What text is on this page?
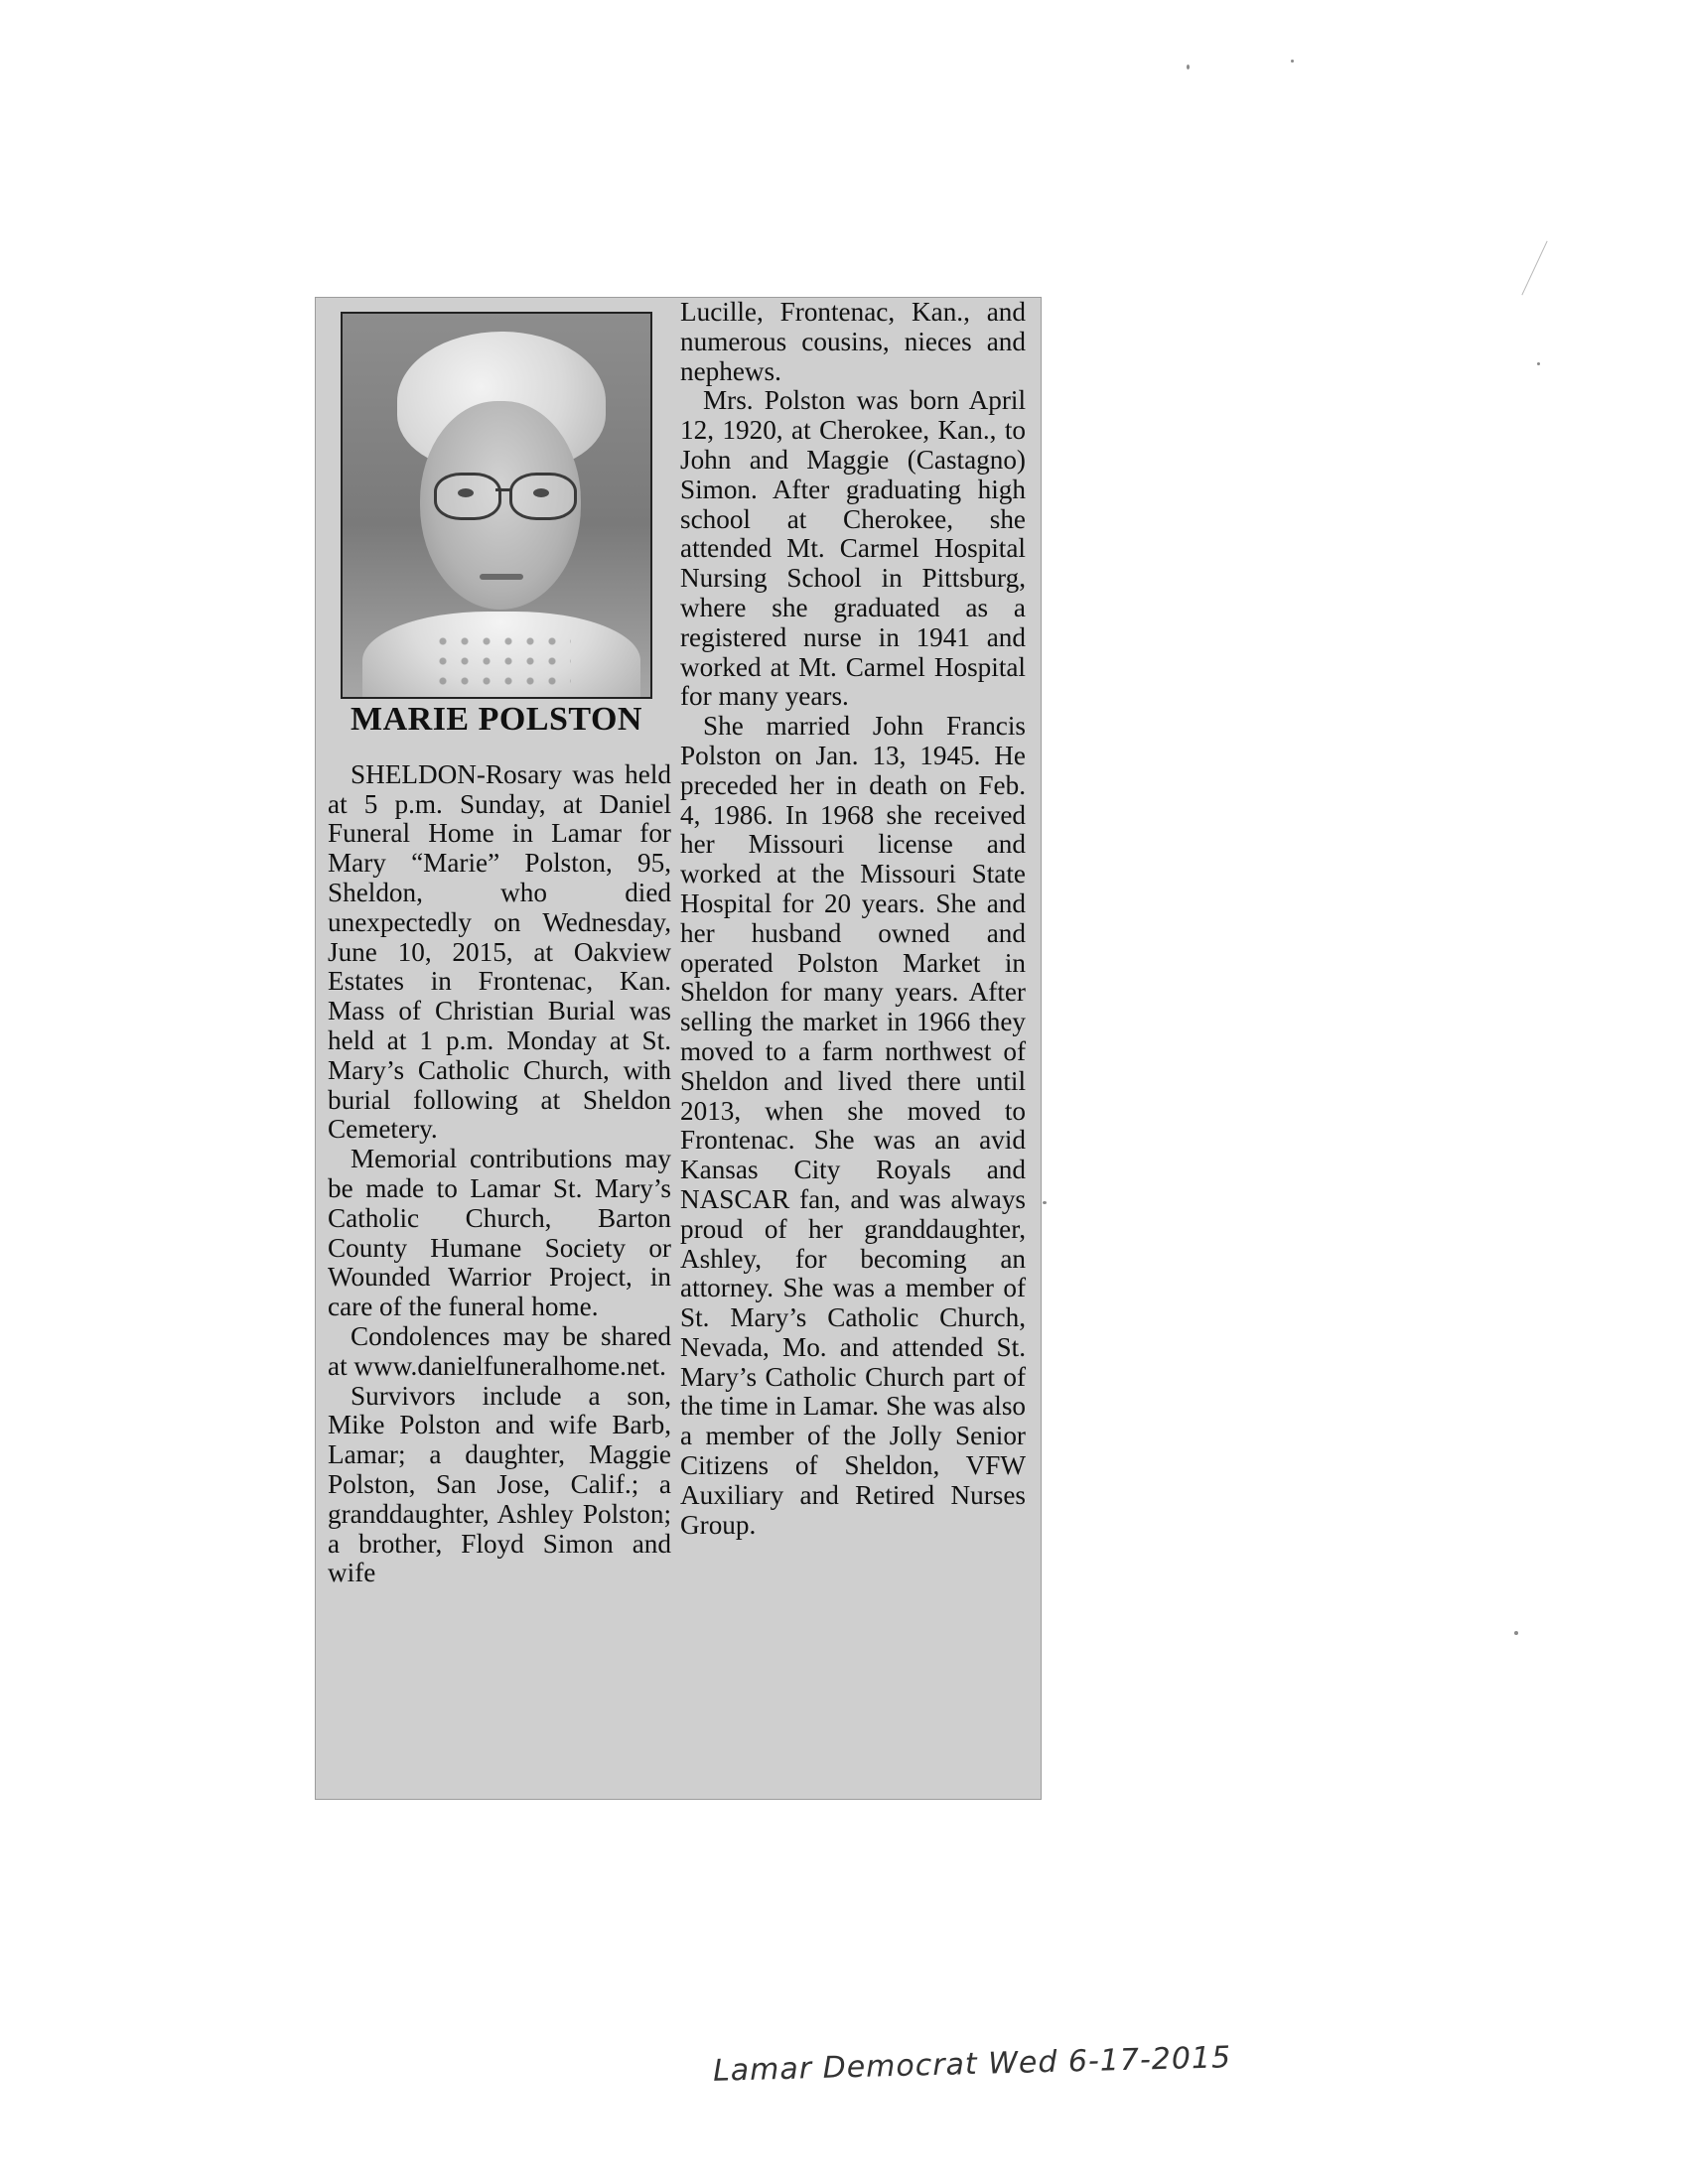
MARIE POLSTON

SHELDON-Rosary was held at 5 p.m. Sunday, at Daniel Funeral Home in Lamar for Mary “Marie” Polston, 95, Sheldon, who died unexpectedly on Wednesday, June 10, 2015, at Oakview Estates in Frontenac, Kan. Mass of Christian Burial was held at 1 p.m. Monday at St. Mary’s Catholic Church, with burial following at Sheldon Cemetery.

Memorial contributions may be made to Lamar St. Mary’s Catholic Church, Barton County Humane Society or Wounded Warrior Project, in care of the funeral home.

Condolences may be shared at www.danielfuneralhome.net.

Survivors include a son, Mike Polston and wife Barb, Lamar; a daughter, Maggie Polston, San Jose, Calif.; a granddaughter, Ashley Polston; a brother, Floyd Simon and wife

Lucille, Frontenac, Kan., and numerous cousins, nieces and nephews.

Mrs. Polston was born April 12, 1920, at Cherokee, Kan., to John and Maggie (Castagno) Simon. After graduating high school at Cherokee, she attended Mt. Carmel Hospital Nursing School in Pittsburg, where she graduated as a registered nurse in 1941 and worked at Mt. Carmel Hospital for many years.

She married John Francis Polston on Jan. 13, 1945. He preceded her in death on Feb. 4, 1986. In 1968 she received her Missouri license and worked at the Missouri State Hospital for 20 years. She and her husband owned and operated Polston Market in Sheldon for many years. After selling the market in 1966 they moved to a farm northwest of Sheldon and lived there until 2013, when she moved to Frontenac. She was an avid Kansas City Royals and NASCAR fan, and was always proud of her granddaughter, Ashley, for becoming an attorney. She was a member of St. Mary’s Catholic Church, Nevada, Mo. and attended St. Mary’s Catholic Church part of the time in Lamar. She was also a member of the Jolly Senior Citizens of Sheldon, VFW Auxiliary and Retired Nurses Group.

Lamar Democrat Wed 6-17-2015
